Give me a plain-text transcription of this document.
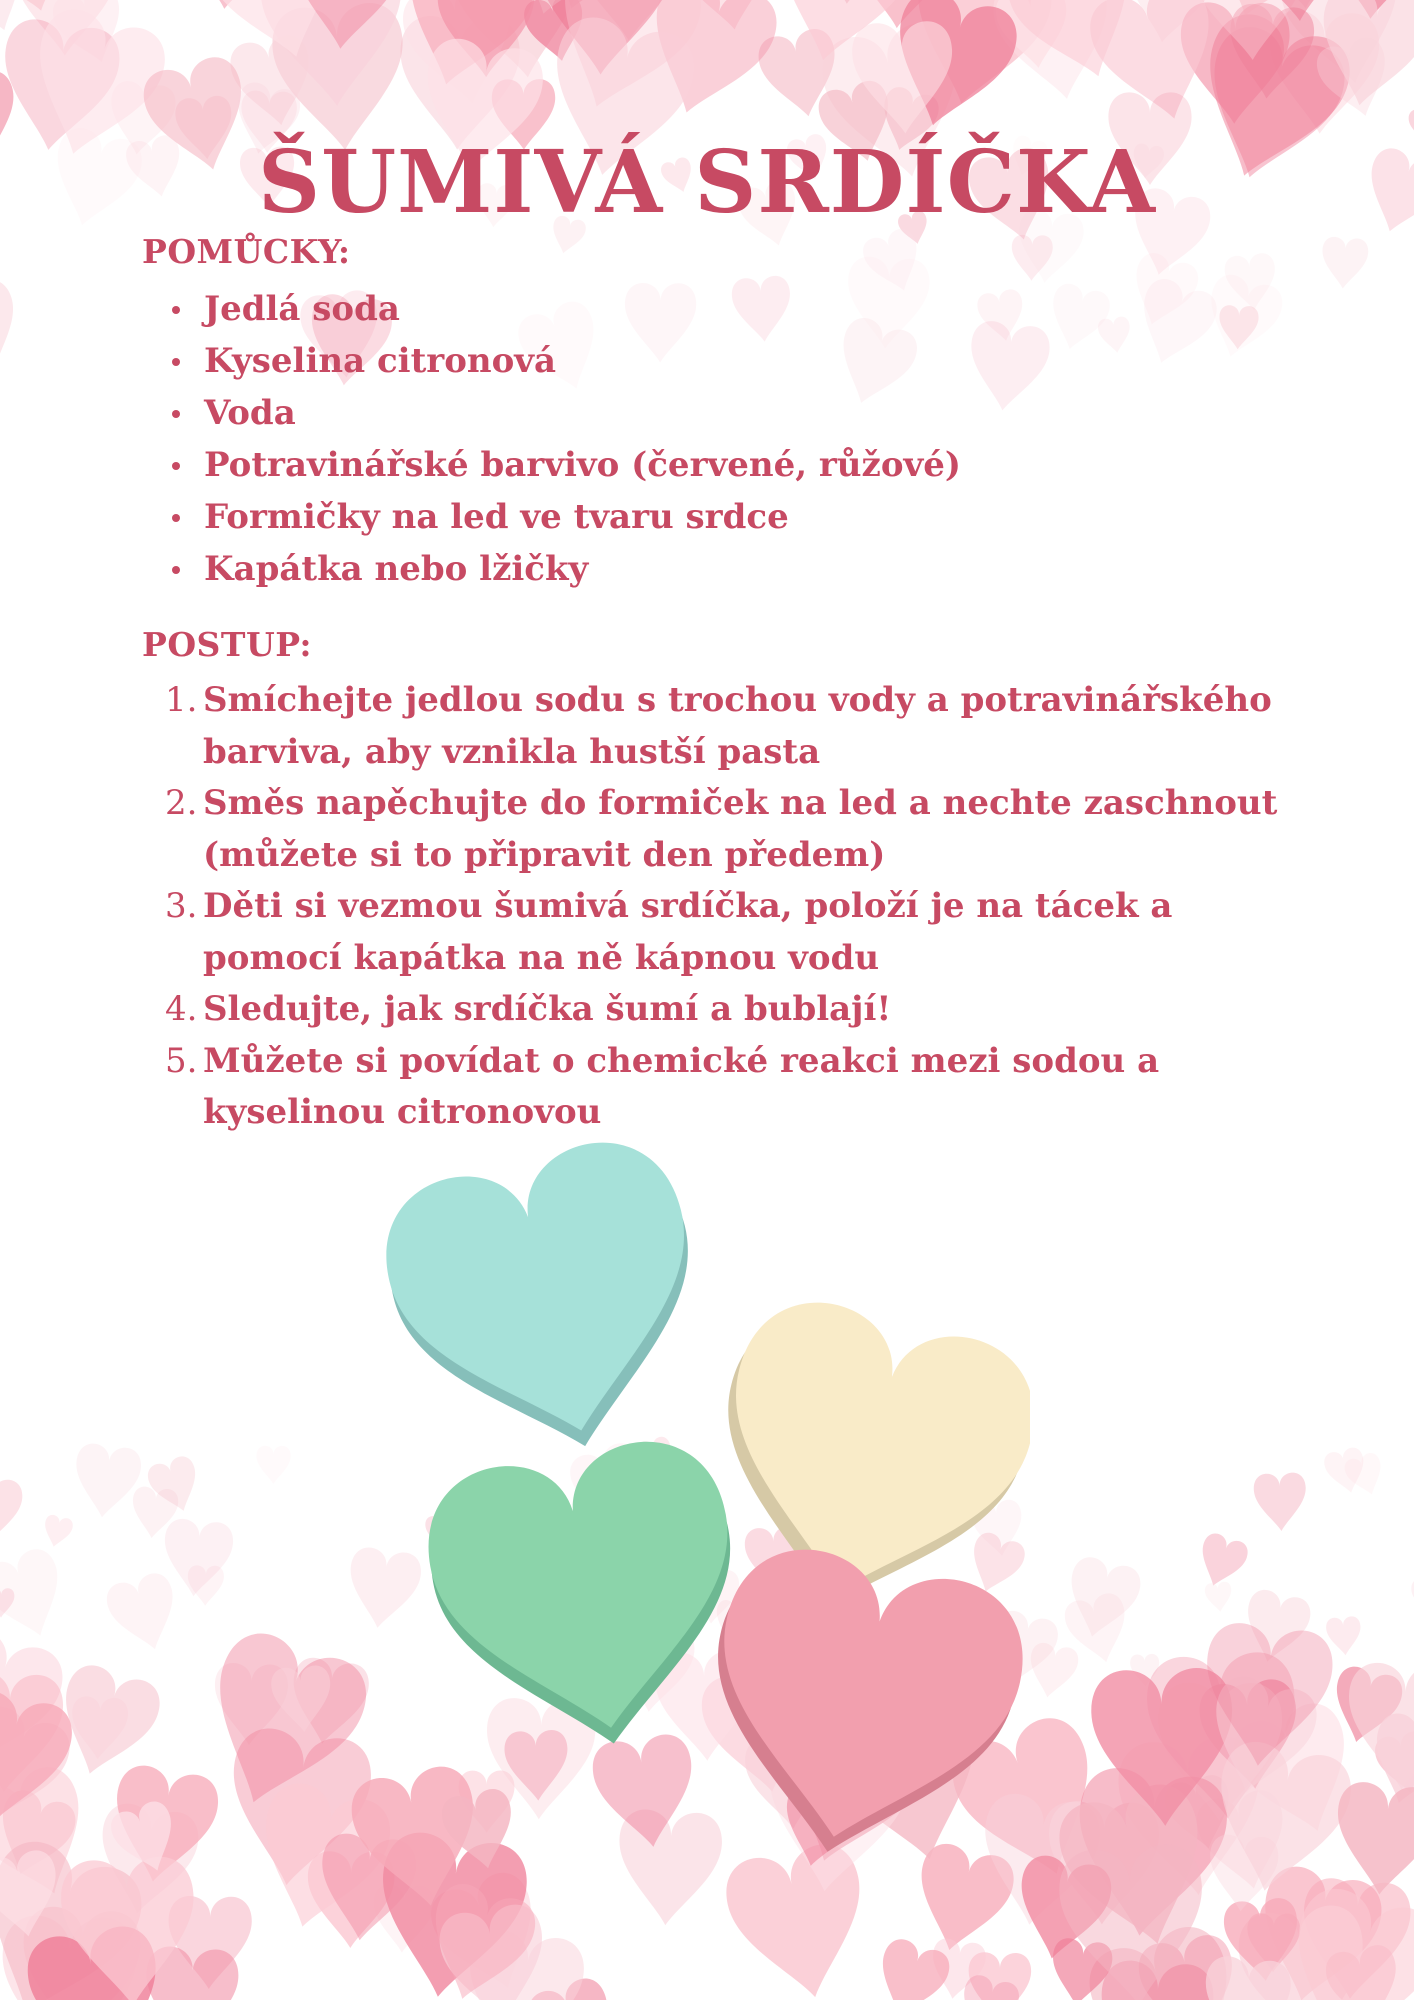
ŠUMIVÁ SRDÍČKA
POMŮCKY:
Jedlá soda
Kyselina citronová
Voda
Potravinářské barvivo (červené, růžové)
Formičky na led ve tvaru srdce
Kapátka nebo lžičky
POSTUP:
1. Smíchejte jedlou sodu s trochou vody a potravinářského barviva, aby vznikla hustší pasta
2. Směs napěchujte do formiček na led a nechte zaschnout (můžete si to připravit den předem)
3. Děti si vezmou šumivá srdíčka, položí je na tácek a pomocí kapátka na ně kápnou vodu
4. Sledujte, jak srdíčka šumí a bublají!
5. Můžete si povídat o chemické reakci mezi sodou a kyselinou citronovou
